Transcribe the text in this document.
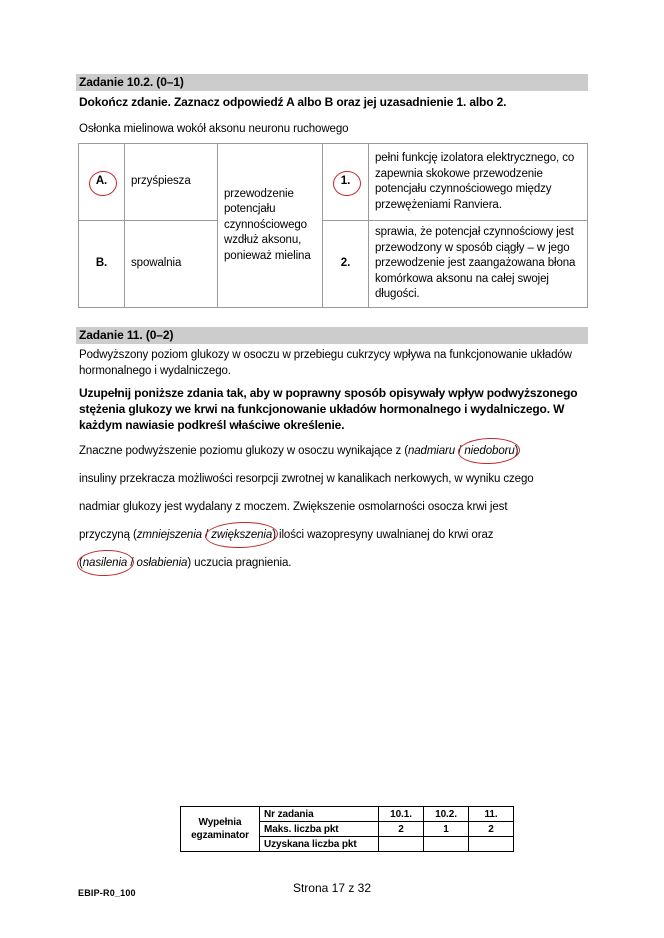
Zadanie 10.2. (0–1)
Dokończ zdanie. Zaznacz odpowiedź A albo B oraz jej uzasadnienie 1. albo 2.
Osłonka mielinowa wokół aksonu neuronu ruchowego
A.	przyśpiesza	przewodzenie potencjału czynnościowego wzdłuż aksonu, ponieważ mielina	1.	pełni funkcję izolatora elektrycznego, co zapewnia skokowe przewodzenie potencjału czynnościowego między przewężeniami Ranviera.
B.	spowalnia		2.	sprawia, że potencjał czynnościowy jest przewodzony w sposób ciągły – w jego przewodzenie jest zaangażowana błona komórkowa aksonu na całej swojej długości.
Zadanie 11. (0–2)
Podwyższony poziom glukozy w osoczu w przebiegu cukrzycy wpływa na funkcjonowanie układów hormonalnego i wydalniczego.
Uzupełnij poniższe zdania tak, aby w poprawny sposób opisywały wpływ podwyższonego stężenia glukozy we krwi na funkcjonowanie układów hormonalnego i wydalniczego. W każdym nawiasie podkreśl właściwe określenie.
Znaczne podwyższenie poziomu glukozy w osoczu wynikające z (nadmiaru / niedoboru)
insuliny przekracza możliwości resorpcji zwrotnej w kanalikach nerkowych, w wyniku czego
nadmiar glukozy jest wydalany z moczem. Zwiększenie osmolarności osocza krwi jest
przyczyną (zmniejszenia / zwiększenia) ilości wazopresyny uwalnianej do krwi oraz
(nasilenia / osłabienia) uczucia pragnienia.
Wypełnia
egzaminator	Nr zadania	10.1.	10.2.	11.
	Maks. liczba pkt	2	1	2
	Uzyskana liczba pkt			
EBIP-R0_100	Strona 17 z 32
